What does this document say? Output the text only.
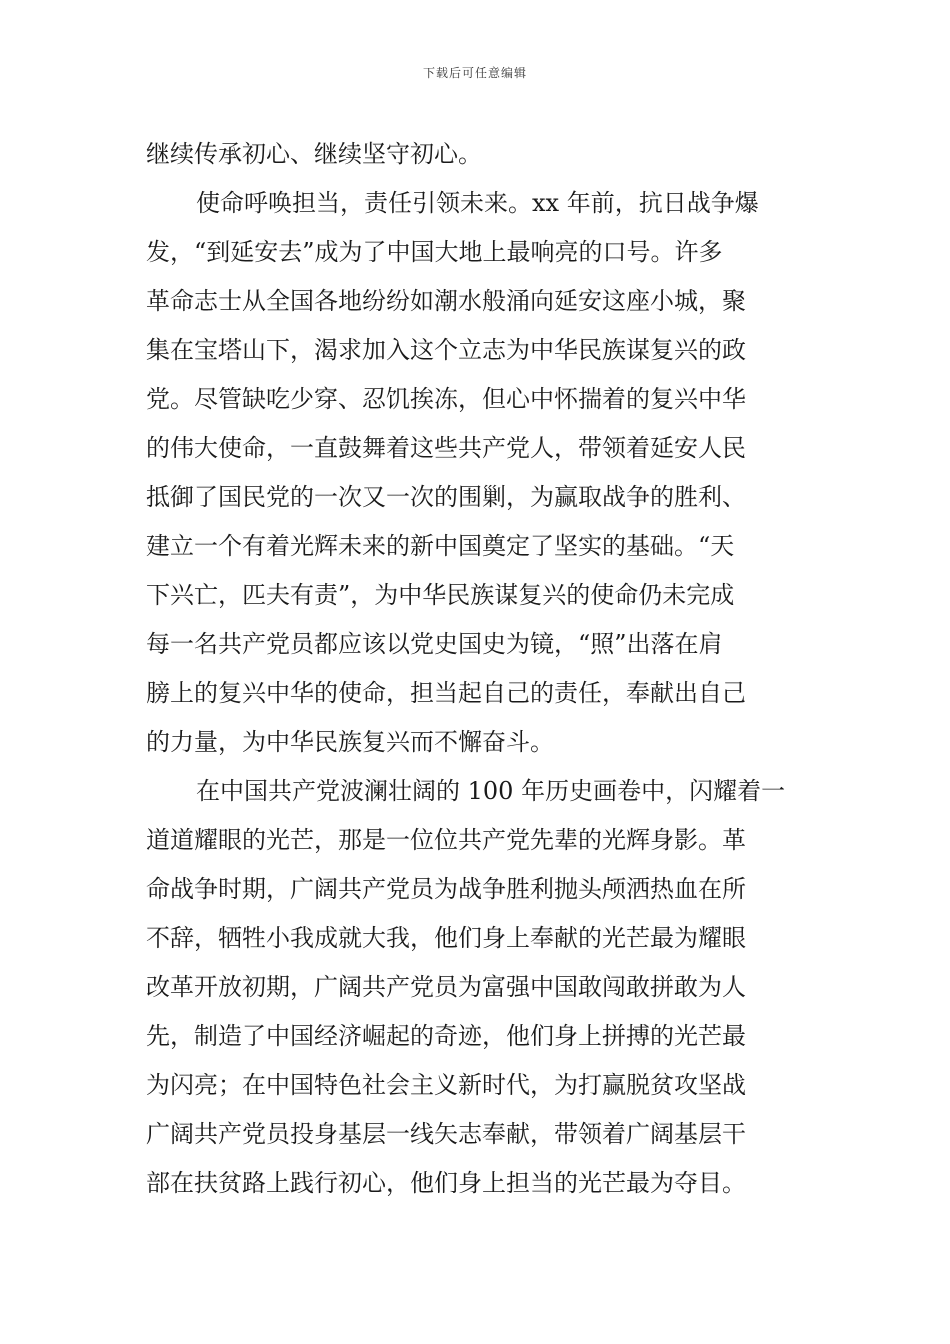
下载后可任意编辑
继续传承初心、继续坚守初心。
使命呼唤担当，责任引领未来。xx 年前，抗日战争爆
发，“到延安去”成为了中国大地上最响亮的口号。许多
革命志士从全国各地纷纷如潮水般涌向延安这座小城，聚
集在宝塔山下，渴求加入这个立志为中华民族谋复兴的政
党。尽管缺吃少穿、忍饥挨冻，但心中怀揣着的复兴中华
的伟大使命，一直鼓舞着这些共产党人，带领着延安人民
抵御了国民党的一次又一次的围剿，为赢取战争的胜利、
建立一个有着光辉未来的新中国奠定了坚实的基础。“天
下兴亡，匹夫有责”，为中华民族谋复兴的使命仍未完成
每一名共产党员都应该以党史国史为镜，“照”出落在肩
膀上的复兴中华的使命，担当起自己的责任，奉献出自己
的力量，为中华民族复兴而不懈奋斗。
在中国共产党波澜壮阔的 100 年历史画卷中，闪耀着一
道道耀眼的光芒，那是一位位共产党先辈的光辉身影。革
命战争时期，广阔共产党员为战争胜利抛头颅洒热血在所
不辞，牺牲小我成就大我，他们身上奉献的光芒最为耀眼
改革开放初期，广阔共产党员为富强中国敢闯敢拼敢为人
先，制造了中国经济崛起的奇迹，他们身上拼搏的光芒最
为闪亮；在中国特色社会主义新时代，为打赢脱贫攻坚战
广阔共产党员投身基层一线矢志奉献，带领着广阔基层干
部在扶贫路上践行初心，他们身上担当的光芒最为夺目。
